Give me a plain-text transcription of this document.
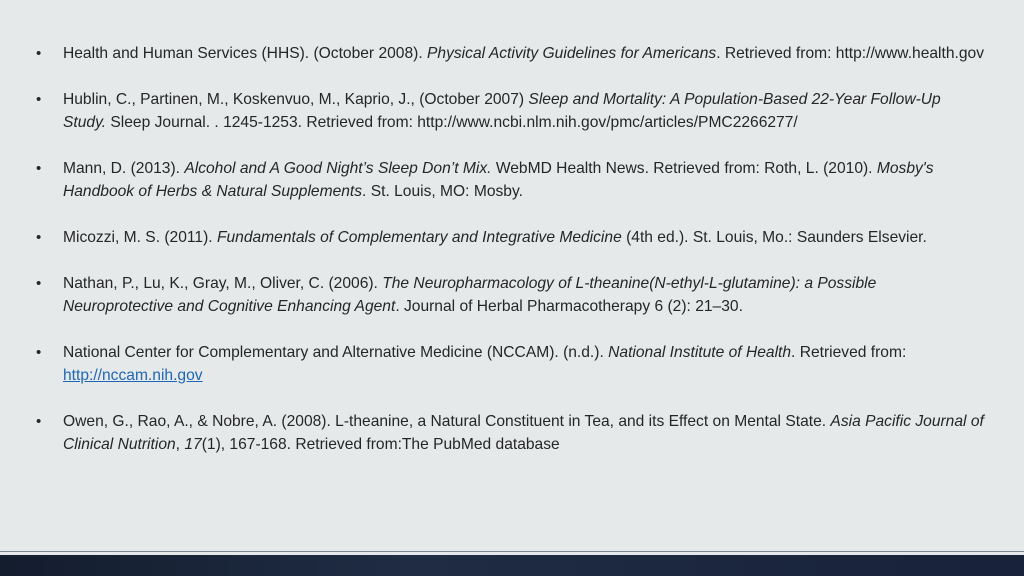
• Health and Human Services (HHS). (October 2008). Physical Activity Guidelines for Americans. Retrieved from: http://www.health.gov
• Hublin, C., Partinen, M., Koskenvuo, M., Kaprio, J., (October 2007) Sleep and Mortality: A Population-Based 22-Year Follow-Up Study. Sleep Journal. . 1245-1253. Retrieved from: http://www.ncbi.nlm.nih.gov/pmc/articles/PMC2266277/
• Mann, D. (2013). Alcohol and A Good Night’s Sleep Don’t Mix. WebMD Health News. Retrieved from: Roth, L. (2010). Mosby's Handbook of Herbs & Natural Supplements. St. Louis, MO: Mosby.
• Micozzi, M. S. (2011). Fundamentals of Complementary and Integrative Medicine (4th ed.). St. Louis, Mo.: Saunders Elsevier.
• Nathan, P., Lu, K., Gray, M., Oliver, C. (2006). The Neuropharmacology of L-theanine(N-ethyl-L-glutamine): a Possible Neuroprotective and Cognitive Enhancing Agent. Journal of Herbal Pharmacotherapy 6 (2): 21–30.
• National Center for Complementary and Alternative Medicine (NCCAM). (n.d.). National Institute of Health. Retrieved from: http://nccam.nih.gov
• Owen, G., Rao, A., & Nobre, A. (2008). L-theanine, a Natural Constituent in Tea, and its Effect on Mental State. Asia Pacific Journal of Clinical Nutrition, 17(1), 167-168. Retrieved from:The PubMed database
